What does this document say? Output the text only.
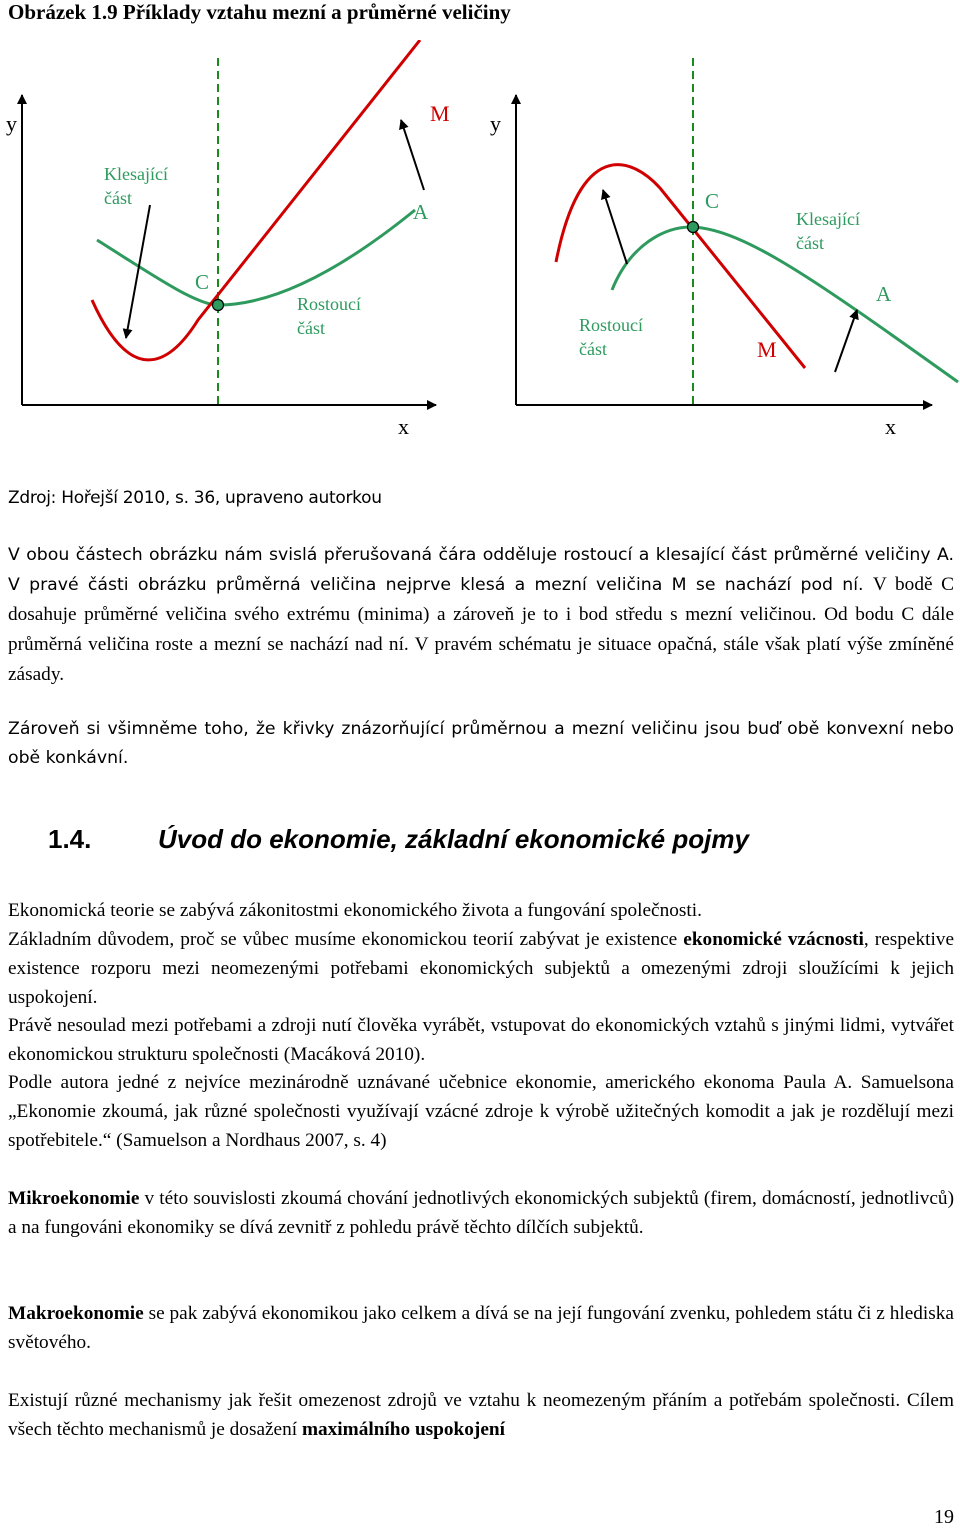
Obrázek 1.9 Příklady vztahu mezní a průměrné veličiny
y
x
Klesající
část
Rostoucí
část
C
M
A
y
x
Klesající
část
Rostoucí
část
C
M
A
Zdroj: Hořejší 2010, s. 36, upraveno autorkou

V obou částech obrázku nám svislá přerušovaná čára odděluje rostoucí a klesající část průměrné veličiny A. V pravé části obrázku průměrná veličina nejprve klesá a mezní veličina M se nachází pod ní. V bodě C dosahuje průměrné veličina svého extrému (minima) a zároveň je to i bod středu s mezní veličinou. Od bodu C dále průměrná veličina roste a mezní se nachází nad ní. V pravém schématu je situace opačná, stále však platí výše zmíněné zásady.

Zároveň si všimněme toho, že křivky znázorňující průměrnou a mezní veličinu jsou buď obě konvexní nebo obě konkávní.

1.4.	Úvod do ekonomie, základní ekonomické pojmy

Ekonomická teorie se zabývá zákonitostmi ekonomického života a fungování společnosti.

Základním důvodem, proč se vůbec musíme ekonomickou teorií zabývat je existence ekonomické vzácnosti, respektive existence rozporu mezi neomezenými potřebami ekonomických subjektů a omezenými zdroji sloužícími k jejich uspokojení.

Právě nesoulad mezi potřebami a zdroji nutí člověka vyrábět, vstupovat do ekonomických vztahů s jinými lidmi, vytvářet ekonomickou strukturu společnosti (Macáková 2010).

Podle autora jedné z nejvíce mezinárodně uznávané učebnice ekonomie, amerického ekonoma Paula A. Samuelsona „Ekonomie zkoumá, jak různé společnosti využívají vzácné zdroje k výrobě užitečných komodit a jak je rozdělují mezi spotřebitele.“ (Samuelson a Nordhaus 2007, s. 4)

Mikroekonomie v této souvislosti zkoumá chování jednotlivých ekonomických subjektů (firem, domácností, jednotlivců) a na fungováni ekonomiky se dívá zevnitř z pohledu právě těchto dílčích subjektů.

Makroekonomie se pak zabývá ekonomikou jako celkem a dívá se na její fungování zvenku, pohledem státu či z hlediska světového.

Existují různé mechanismy jak řešit omezenost zdrojů ve vztahu k neomezeným přáním a potřebám společnosti. Cílem všech těchto mechanismů je dosažení maximálního uspokojení

19
